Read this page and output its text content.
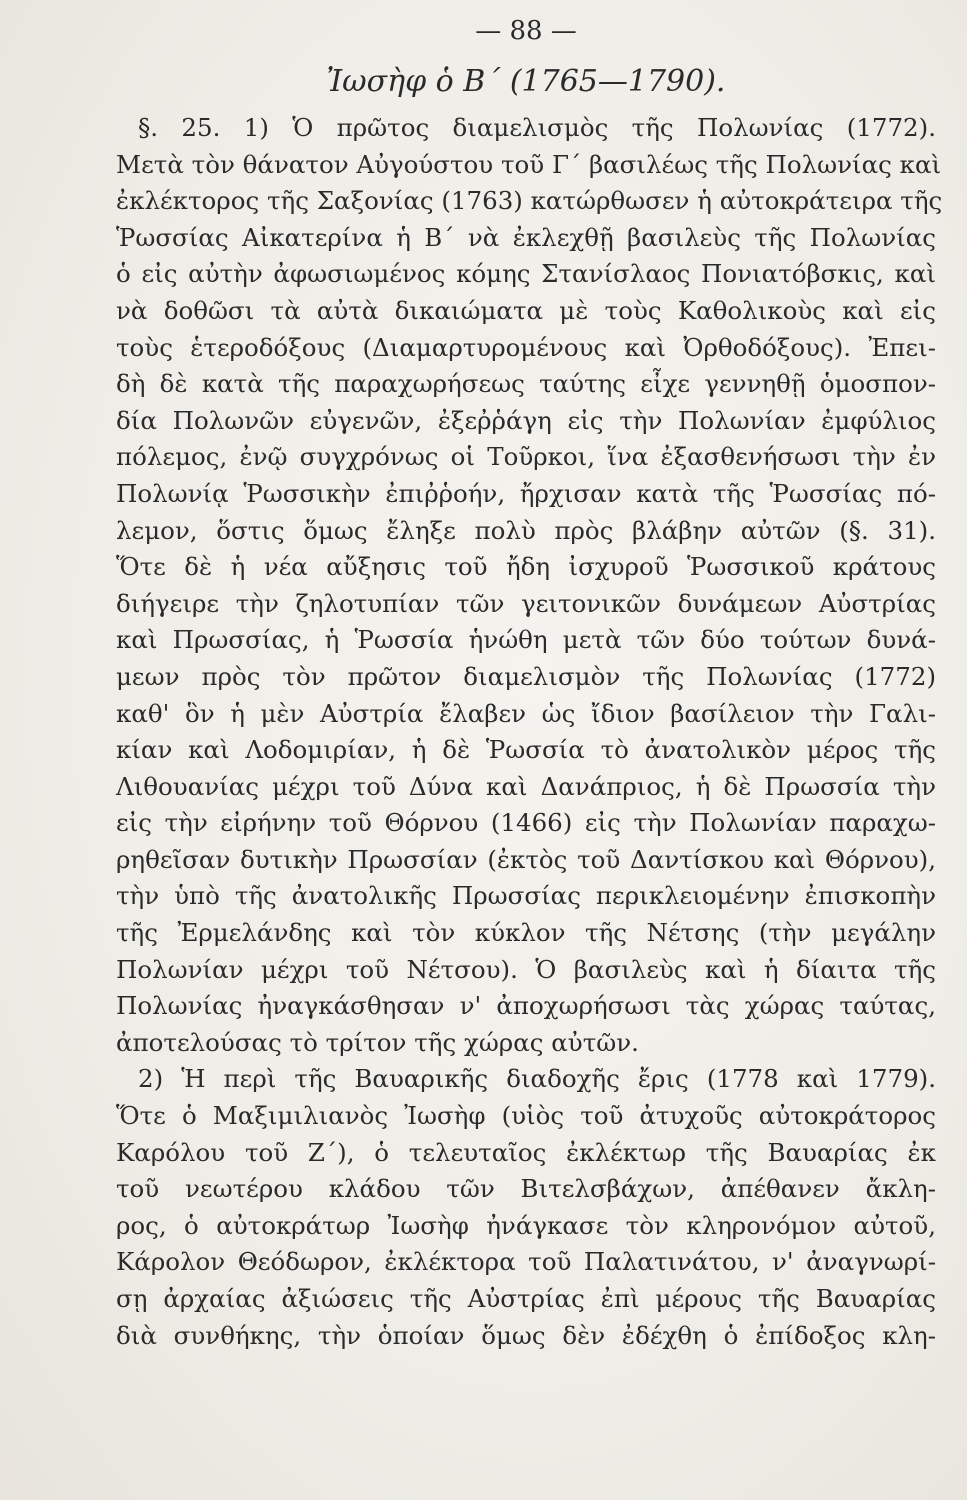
— 88 —
Ἰωσὴφ ὁ Β΄ (1765—1790).
§. 25. 1) Ὁ πρῶτος διαμελισμὸς τῆς Πολωνίας (1772).
Μετὰ τὸν θάνατον Αὐγούστου τοῦ Γ΄ βασιλέως τῆς Πολωνίας καὶ
ἐκλέκτορος τῆς Σαξονίας (1763) κατώρθωσεν ἡ αὐτοκράτειρα τῆς
Ῥωσσίας Αἰκατερίνα ἡ Β΄ νὰ ἐκλεχθῇ βασιλεὺς τῆς Πολωνίας
ὁ εἰς αὐτὴν ἀφωσιωμένος κόμης Στανίσλαος Πονιατόβσκις, καὶ
νὰ δοθῶσι τὰ αὐτὰ δικαιώματα μὲ τοὺς Καθολικοὺς καὶ εἰς
τοὺς ἑτεροδόξους (Διαμαρτυρομένους καὶ Ὀρθοδόξους). Ἐπει-
δὴ δὲ κατὰ τῆς παραχωρήσεως ταύτης εἶχε γεννηθῇ ὁμοσπον-
δία Πολωνῶν εὐγενῶν, ἐξεῤῥάγη εἰς τὴν Πολωνίαν ἐμφύλιος
πόλεμος, ἐνῷ συγχρόνως οἱ Τοῦρκοι, ἵνα ἐξασθενήσωσι τὴν ἐν
Πολωνίᾳ Ῥωσσικὴν ἐπιῤῥοήν, ἤρχισαν κατὰ τῆς Ῥωσσίας πό-
λεμον, ὅστις ὅμως ἔληξε πολὺ πρὸς βλάβην αὐτῶν (§. 31).
Ὅτε δὲ ἡ νέα αὔξησις τοῦ ἤδη ἰσχυροῦ Ῥωσσικοῦ κράτους
διήγειρε τὴν ζηλοτυπίαν τῶν γειτονικῶν δυνάμεων Αὐστρίας
καὶ Πρωσσίας, ἡ Ῥωσσία ἡνώθη μετὰ τῶν δύο τούτων δυνά-
μεων πρὸς τὸν πρῶτον διαμελισμὸν τῆς Πολωνίας (1772)
καθ' ὃν ἡ μὲν Αὐστρία ἔλαβεν ὡς ἴδιον βασίλειον τὴν Γαλι-
κίαν καὶ Λοδομιρίαν, ἡ δὲ Ῥωσσία τὸ ἀνατολικὸν μέρος τῆς
Λιθουανίας μέχρι τοῦ Δύνα καὶ Δανάπριος, ἡ δὲ Πρωσσία τὴν
εἰς τὴν εἰρήνην τοῦ Θόρνου (1466) εἰς τὴν Πολωνίαν παραχω-
ρηθεῖσαν δυτικὴν Πρωσσίαν (ἐκτὸς τοῦ Δαντίσκου καὶ Θόρνου),
τὴν ὑπὸ τῆς ἀνατολικῆς Πρωσσίας περικλειομένην ἐπισκοπὴν
τῆς Ἐρμελάνδης καὶ τὸν κύκλον τῆς Νέτσης (τὴν μεγάλην
Πολωνίαν μέχρι τοῦ Νέτσου). Ὁ βασιλεὺς καὶ ἡ δίαιτα τῆς
Πολωνίας ἠναγκάσθησαν ν' ἀποχωρήσωσι τὰς χώρας ταύτας,
ἀποτελούσας τὸ τρίτον τῆς χώρας αὐτῶν.
2) Ἡ περὶ τῆς Βαυαρικῆς διαδοχῆς ἔρις (1778 καὶ 1779).
Ὅτε ὁ Μαξιμιλιανὸς Ἰωσὴφ (υἱὸς τοῦ ἀτυχοῦς αὐτοκράτορος
Καρόλου τοῦ Ζ΄), ὁ τελευταῖος ἐκλέκτωρ τῆς Βαυαρίας ἐκ
τοῦ νεωτέρου κλάδου τῶν Βιτελσβάχων, ἀπέθανεν ἄκλη-
ρος, ὁ αὐτοκράτωρ Ἰωσὴφ ἠνάγκασε τὸν κληρονόμον αὐτοῦ,
Κάρολον Θεόδωρον, ἐκλέκτορα τοῦ Παλατινάτου, ν' ἀναγνωρί-
σῃ ἀρχαίας ἀξιώσεις τῆς Αὐστρίας ἐπὶ μέρους τῆς Βαυαρίας
διὰ συνθήκης, τὴν ὁποίαν ὅμως δὲν ἐδέχθη ὁ ἐπίδοξος κλη-
